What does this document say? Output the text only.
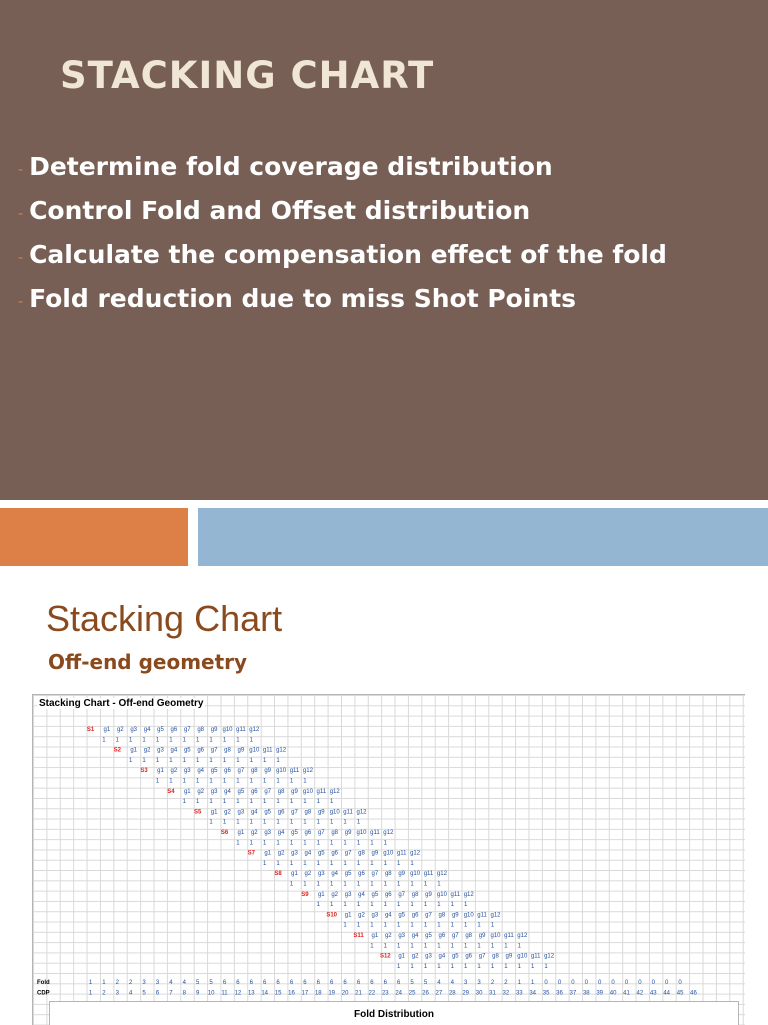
STACKING CHART
- Determine fold coverage distribution
- Control Fold and Offset distribution
- Calculate the compensation effect of the fold
- Fold reduction due to miss Shot Points
Stacking Chart
Off-end geometry
S1 g1 g2 g3 g4 g5 g6 g7 g8 g9 g10 g11 g12
1 1 1 1 1 1 1 1 1 1 1 1
S2 g1 g2 g3 g4 g5 g6 g7 g8 g9 g10 g11 g12
1 1 1 1 1 1 1 1 1 1 1 1
S3 g1 g2 g3 g4 g5 g6 g7 g8 g9 g10 g11 g12
1 1 1 1 1 1 1 1 1 1 1 1
S4 g1 g2 g3 g4 g5 g6 g7 g8 g9 g10 g11 g12
1 1 1 1 1 1 1 1 1 1 1 1
S5 g1 g2 g3 g4 g5 g6 g7 g8 g9 g10 g11 g12
1 1 1 1 1 1 1 1 1 1 1 1
S6 g1 g2 g3 g4 g5 g6 g7 g8 g9 g10 g11 g12
1 1 1 1 1 1 1 1 1 1 1 1
S7 g1 g2 g3 g4 g5 g6 g7 g8 g9 g10 g11 g12
1 1 1 1 1 1 1 1 1 1 1 1
S8 g1 g2 g3 g4 g5 g6 g7 g8 g9 g10 g11 g12
1 1 1 1 1 1 1 1 1 1 1 1
S9 g1 g2 g3 g4 g5 g6 g7 g8 g9 g10 g11 g12
1 1 1 1 1 1 1 1 1 1 1 1
S10 g1 g2 g3 g4 g5 g6 g7 g8 g9 g10 g11 g12
1 1 1 1 1 1 1 1 1 1 1 1
S11 g1 g2 g3 g4 g5 g6 g7 g8 g9 g10 g11 g12
1 1 1 1 1 1 1 1 1 1 1 1
S12 g1 g2 g3 g4 g5 g6 g7 g8 g9 g10 g11 g12
1 1 1 1 1 1 1 1 1 1 1 1
Fold	1 1 2 2 3 3 4 4 5 5 6 6 6 6 6 6 6 6 6 6 6 6 6 6 5 5 4 4 3 3 2 2 1 1 0 0 0 0 0 0 0 0 0 0 0
CDP	1 2 3 4 5 6 7 8 9 10 11 12 13 14 15 16 17 18 19 20 21 22 23 24 25 26 27 28 29 30 31 32 33 34 35 36 37 38 39 40 41 42 43 44 45 46
Stacking Chart - Off-end Geometry
Fold Distribution
